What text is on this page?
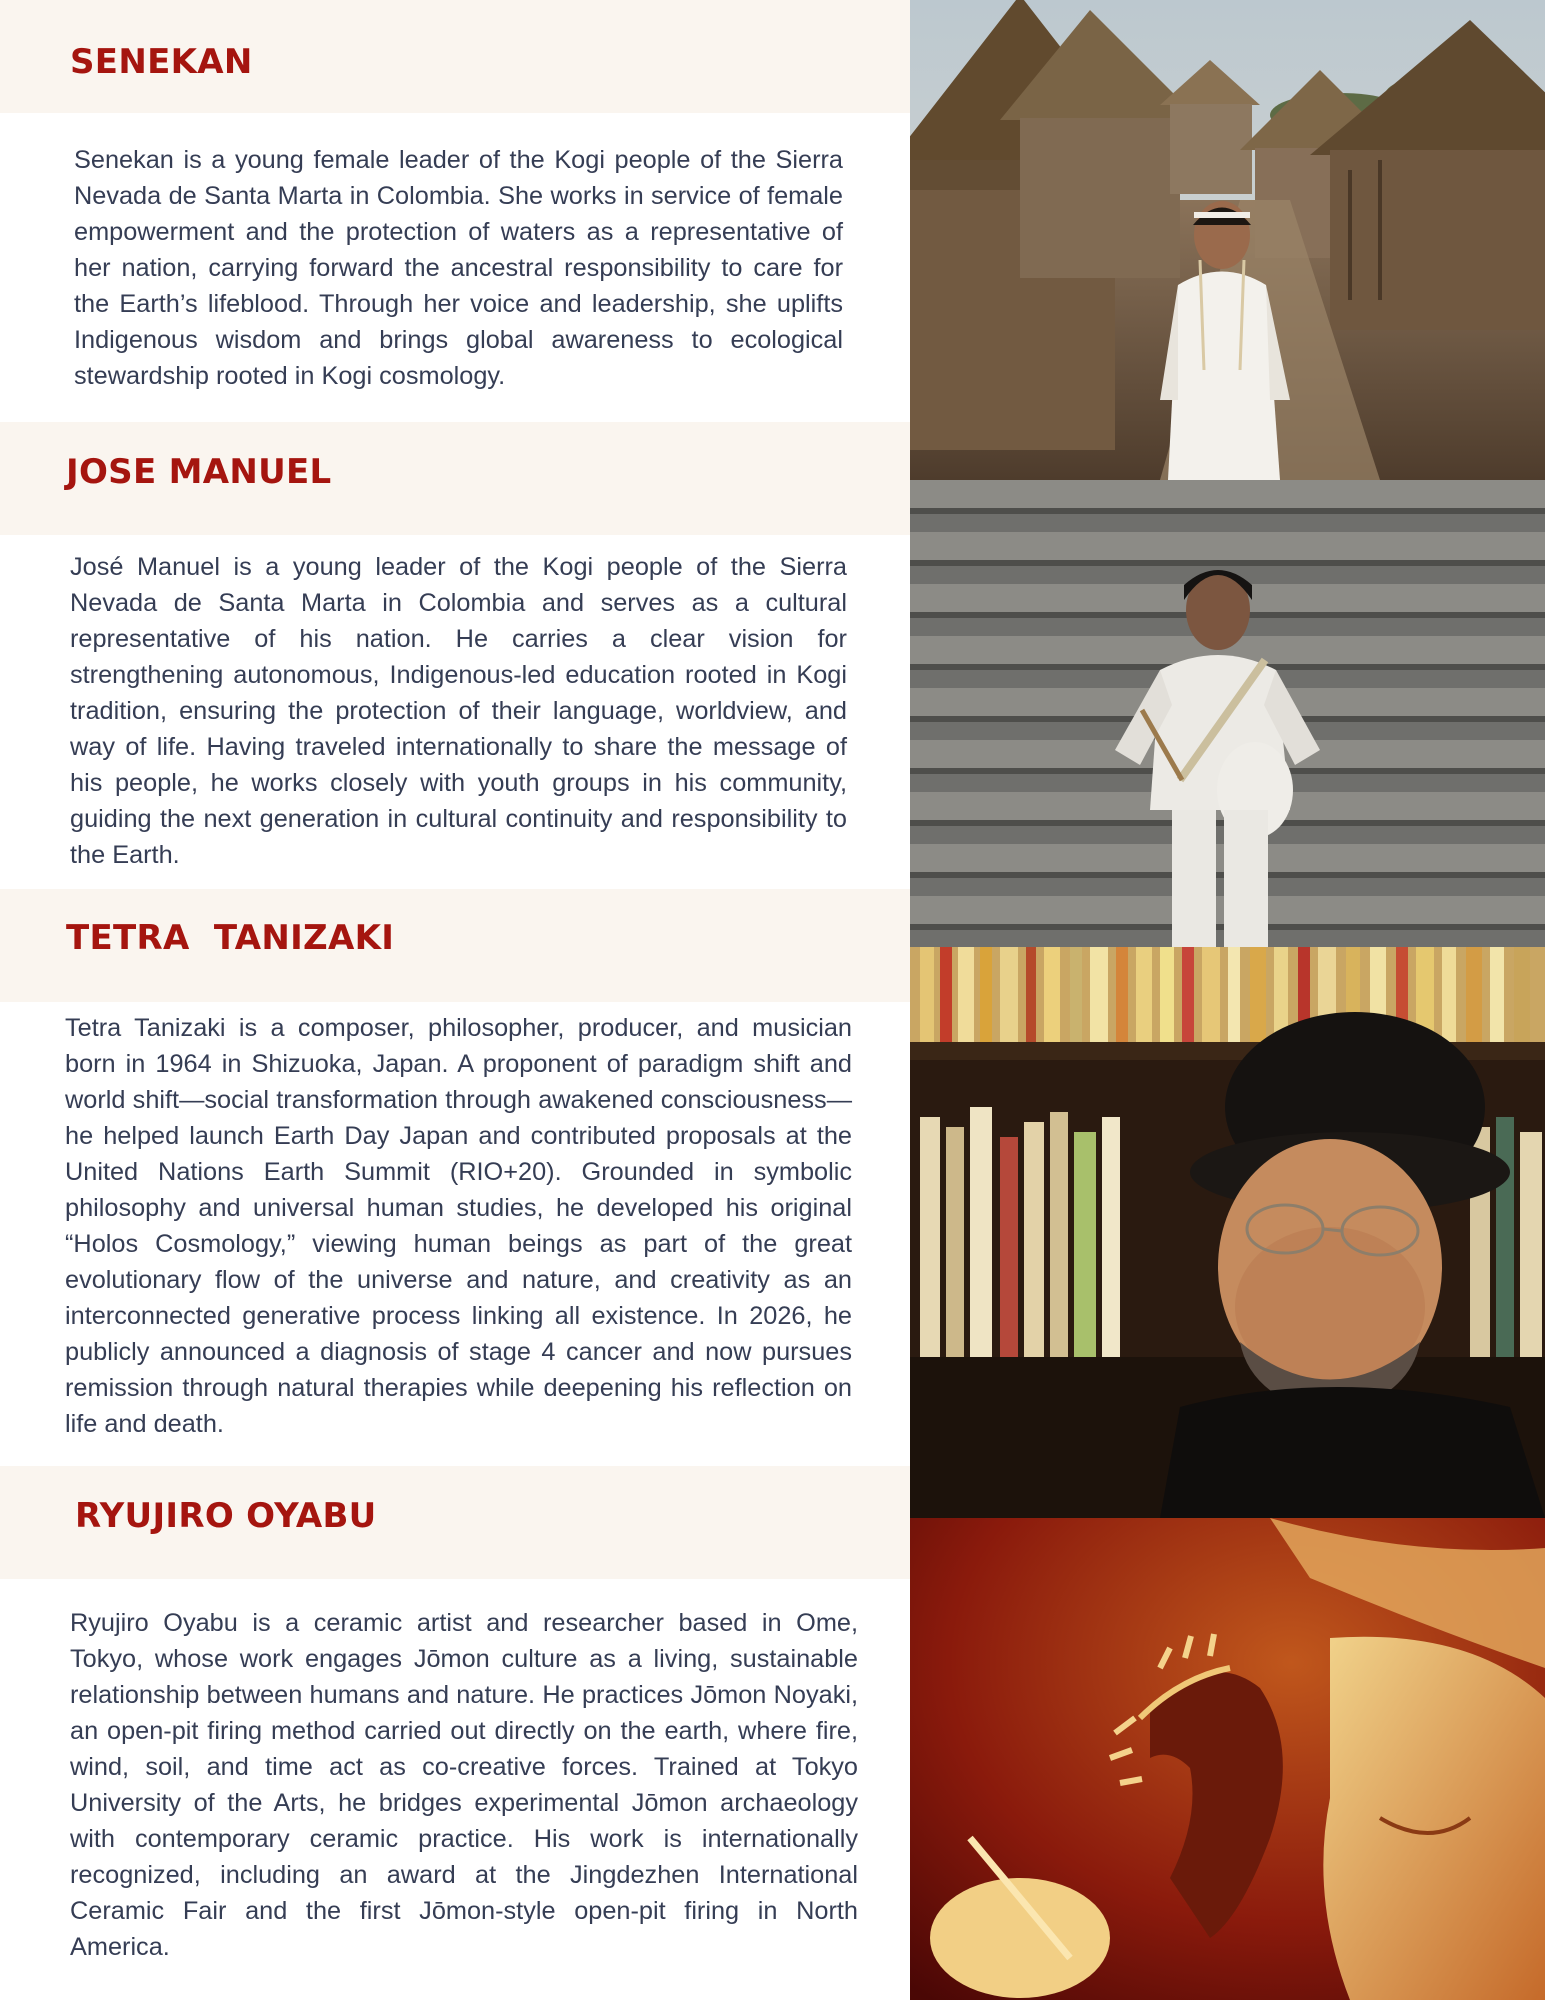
SENEKAN

Senekan is a young female leader of the Kogi people of the Sierra Nevada de Santa Marta in Colombia. She works in service of female empowerment and the protection of waters as a representative of her nation, carrying forward the ancestral responsibility to care for the Earth’s lifeblood. Through her voice and leadership, she uplifts Indigenous wisdom and brings global awareness to ecological stewardship rooted in Kogi cosmology.

JOSE MANUEL

José Manuel is a young leader of the Kogi people of the Sierra Nevada de Santa Marta in Colombia and serves as a cultural representative of his nation. He carries a clear vision for strengthening autonomous, Indigenous-led education rooted in Kogi tradition, ensuring the protection of their language, worldview, and way of life. Having traveled internationally to share the message of his people, he works closely with youth groups in his community, guiding the next generation in cultural continuity and responsibility to the Earth.

TETRA  TANIZAKI

Tetra Tanizaki is a composer, philosopher, producer, and musician born in 1964 in Shizuoka, Japan. A proponent of paradigm shift and world shift—social transformation through awakened consciousness—he helped launch Earth Day Japan and contributed proposals at the United Nations Earth Summit (RIO+20). Grounded in symbolic philosophy and universal human studies, he developed his original “Holos Cosmology,” viewing human beings as part of the great evolutionary flow of the universe and nature, and creativity as an interconnected generative process linking all existence. In 2026, he publicly announced a diagnosis of stage 4 cancer and now pursues remission through natural therapies while deepening his reflection on life and death.

RYUJIRO OYABU

Ryujiro Oyabu is a ceramic artist and researcher based in Ome, Tokyo, whose work engages Jōmon culture as a living, sustainable relationship between humans and nature. He practices Jōmon Noyaki, an open-pit firing method carried out directly on the earth, where fire, wind, soil, and time act as co-creative forces. Trained at Tokyo University of the Arts, he bridges experimental Jōmon archaeology with contemporary ceramic practice. His work is internationally recognized, including an award at the Jingdezhen International Ceramic Fair and the first Jōmon-style open-pit firing in North America.
